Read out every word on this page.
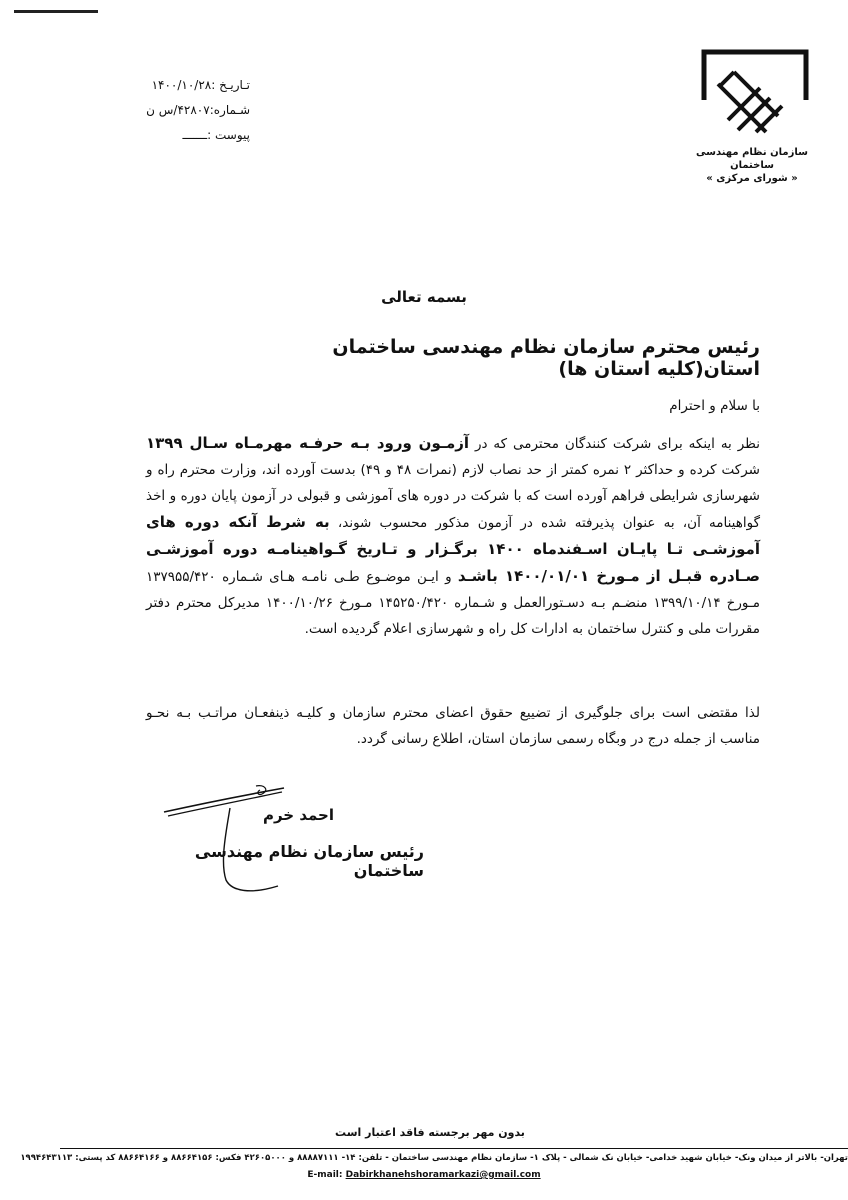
سازمان نظام مهندسی ساختمان
« شورای مرکزی »
تـاریـخ :۱۴۰۰/۱۰/۲۸
شـماره:۴۲۸۰۷/س ن
پیوست :ـــــــ
بسمه تعالی
رئیس محترم سازمان نظام مهندسی ساختمان استان(کلیه استان ها)
با سلام و احترام
نظر به اینکه برای شرکت کنندگان محترمی که در آزمـون ورود بـه حرفـه مهرمـاه سـال ۱۳۹۹ شرکت کرده و حداکثر ۲ نمره کمتر از حد نصاب لازم (نمرات ۴۸ و ۴۹) بدست آورده اند، وزارت محترم راه و شهرسازی شرایطی فراهم آورده است که با شرکت در دوره های آموزشی و قبولی در آزمون پایان دوره و اخذ گواهینامه آن، به عنوان پذیرفته شده در آزمون مذکور محسوب شوند، به شرط آنکه دوره های آموزشـی تـا پایـان اسـفندماه ۱۴۰۰ برگـزار و تـاریخ گـواهینامـه دوره آموزشـی صـادره قبـل از مـورخ ۱۴۰۰/۰۱/۰۱ باشـد و ایـن موضـوع طـی نامـه هـای شـماره ۱۳۷۹۵۵/۴۲۰ مـورخ ۱۳۹۹/۱۰/۱۴ منضـم بـه دسـتورالعمل و شـماره ۱۴۵۲۵۰/۴۲۰ مـورخ ۱۴۰۰/۱۰/۲۶ مدیرکل محترم دفتر مقررات ملی و کنترل ساختمان به ادارات کل راه و شهرسازی اعلام گردیده است.
لذا مقتضی است برای جلوگیری از تضییع حقوق اعضای محترم سازمان و کلیـه ذینفعـان مراتـب بـه نحـو مناسب از جمله درج در وبگاه رسمی سازمان استان، اطلاع رسانی گردد.
احمد خرم
رئیس سازمان نظام مهندسی ساختمان
بدون مهر برجسته فاقد اعتبار است
تهران- بالاتر از میدان ونک- خیابان شهید خدامی- خیابان نک شمالی - پلاک ۱- سازمان نظام مهندسی ساختمان - تلفن: ۱۴- ۸۸۸۸۷۱۱۱ و ۴۲۶۰۵۰۰۰ فکس: ۸۸۶۶۴۱۵۶ و ۸۸۶۶۴۱۶۶ کد پستی: ۱۹۹۴۶۴۳۱۱۳
E-mail: Dabirkhanehshoramarkazi@gmail.com
